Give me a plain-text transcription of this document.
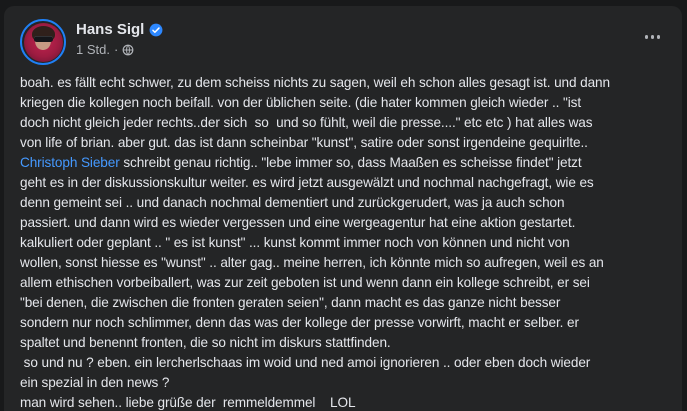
Hans Sigl
1 Std. ·
boah. es fällt echt schwer, zu dem scheiss nichts zu sagen, weil eh schon alles gesagt ist. und dann
kriegen die kollegen noch beifall. von der üblichen seite. (die hater kommen gleich wieder .. "ist
doch nicht gleich jeder rechts..der sich  so  und so fühlt, weil die presse...." etc etc ) hat alles was
von life of brian. aber gut. das ist dann scheinbar "kunst", satire oder sonst irgendeine gequirlte..
Christoph Sieber schreibt genau richtig.. "lebe immer so, dass Maaßen es scheisse findet" jetzt
geht es in der diskussionskultur weiter. es wird jetzt ausgewälzt und nochmal nachgefragt, wie es
denn gemeint sei .. und danach nochmal dementiert und zurückgerudert, was ja auch schon
passiert. und dann wird es wieder vergessen und eine wergeagentur hat eine aktion gestartet.
kalkuliert oder geplant .. " es ist kunst" ... kunst kommt immer noch von können und nicht von
wollen, sonst hiesse es "wunst" .. alter gag.. meine herren, ich könnte mich so aufregen, weil es an
allem ethischen vorbeiballert, was zur zeit geboten ist und wenn dann ein kollege schreibt, er sei
"bei denen, die zwischen die fronten geraten seien", dann macht es das ganze nicht besser
sondern nur noch schlimmer, denn das was der kollege der presse vorwirft, macht er selber. er
spaltet und benennt fronten, die so nicht im diskurs stattfinden.
so und nu ? eben. ein lercherlschaas im woid und ned amoi ignorieren .. oder eben doch wieder
ein spezial in den news ?
man wird sehen.. liebe grüße der  remmeldemmel    LOL
